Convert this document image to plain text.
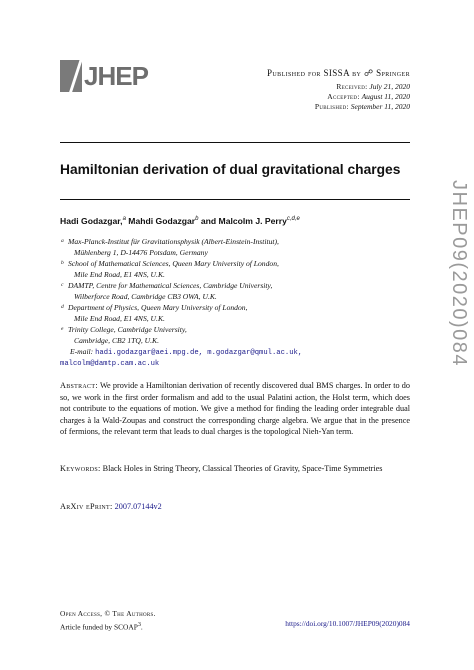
JHEP	Published for SISSA by ☍ Springer
Received: July 21, 2020
Accepted: August 11, 2020
Published: September 11, 2020
Hamiltonian derivation of dual gravitational charges
JHEP09(2020)084
Hadi Godazgar,$^a$ Mahdi Godazgar$^b$ and Malcolm J. Perry$^{c,d,e}$
a Max-Planck-Institut für Gravitationsphysik (Albert-Einstein-Institut),
Mühlenberg 1, D-14476 Potsdam, Germany
b School of Mathematical Sciences, Queen Mary University of London,
Mile End Road, E1 4NS, U.K.
c DAMTP, Centre for Mathematical Sciences, Cambridge University,
Wilberforce Road, Cambridge CB3 OWA, U.K.
d Department of Physics, Queen Mary University of London,
Mile End Road, E1 4NS, U.K.
e Trinity College, Cambridge University,
Cambridge, CB2 1TQ, U.K.
E-mail: hadi.godazgar@aei.mpg.de, m.godazgar@qmul.ac.uk,
malcolm@damtp.cam.ac.uk
Abstract: We provide a Hamiltonian derivation of recently discovered dual BMS charges. In order to do so, we work in the first order formalism and add to the usual Palatini action, the Holst term, which does not contribute to the equations of motion. We give a method for finding the leading order integrable dual charges à la Wald-Zoupas and construct the corresponding charge algebra. We argue that in the presence of fermions, the relevant term that leads to dual charges is the topological Nieh-Yan term.
Keywords: Black Holes in String Theory, Classical Theories of Gravity, Space-Time Symmetries
ArXiv ePrint: 2007.07144v2
Open Access, © The Authors.
Article funded by SCOAP$^3$.	https://doi.org/10.1007/JHEP09(2020)084
